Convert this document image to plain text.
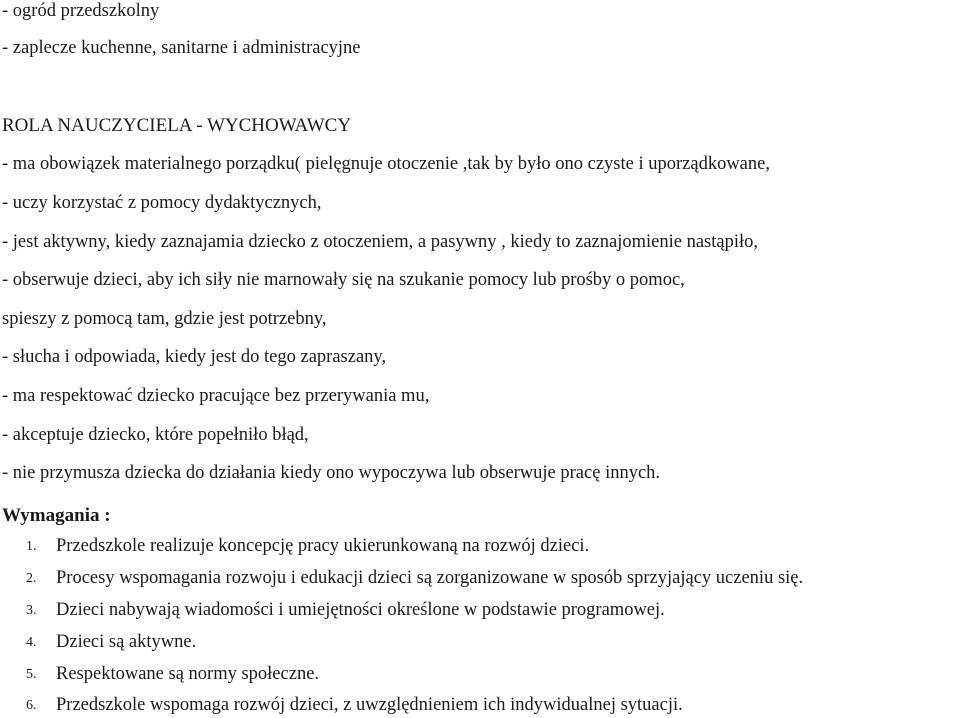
- ogród przedszkolny
- zaplecze kuchenne, sanitarne i administracyjne
ROLA NAUCZYCIELA - WYCHOWAWCY
- ma obowiązek materialnego porządku( pielęgnuje otoczenie ,tak by było ono czyste i uporządkowane,
- uczy korzystać z pomocy dydaktycznych,
- jest aktywny, kiedy zaznajamia dziecko z otoczeniem, a pasywny , kiedy to zaznajomienie nastąpiło,
- obserwuje dzieci, aby ich siły nie marnowały się na szukanie pomocy lub prośby o pomoc,
spieszy z pomocą tam, gdzie jest potrzebny,
- słucha i odpowiada, kiedy jest do tego zapraszany,
- ma respektować dziecko pracujące bez przerywania mu,
- akceptuje dziecko, które popełniło błąd,
- nie przymusza dziecka do działania kiedy ono wypoczywa lub obserwuje pracę innych.
Wymagania :
1. Przedszkole realizuje koncepcję pracy ukierunkowaną na rozwój dzieci.
2. Procesy wspomagania rozwoju i edukacji dzieci są zorganizowane w sposób sprzyjający uczeniu się.
3. Dzieci nabywają wiadomości i umiejętności określone w podstawie programowej.
4. Dzieci są aktywne.
5. Respektowane są normy społeczne.
6. Przedszkole wspomaga rozwój dzieci, z uwzględnieniem ich indywidualnej sytuacji.
